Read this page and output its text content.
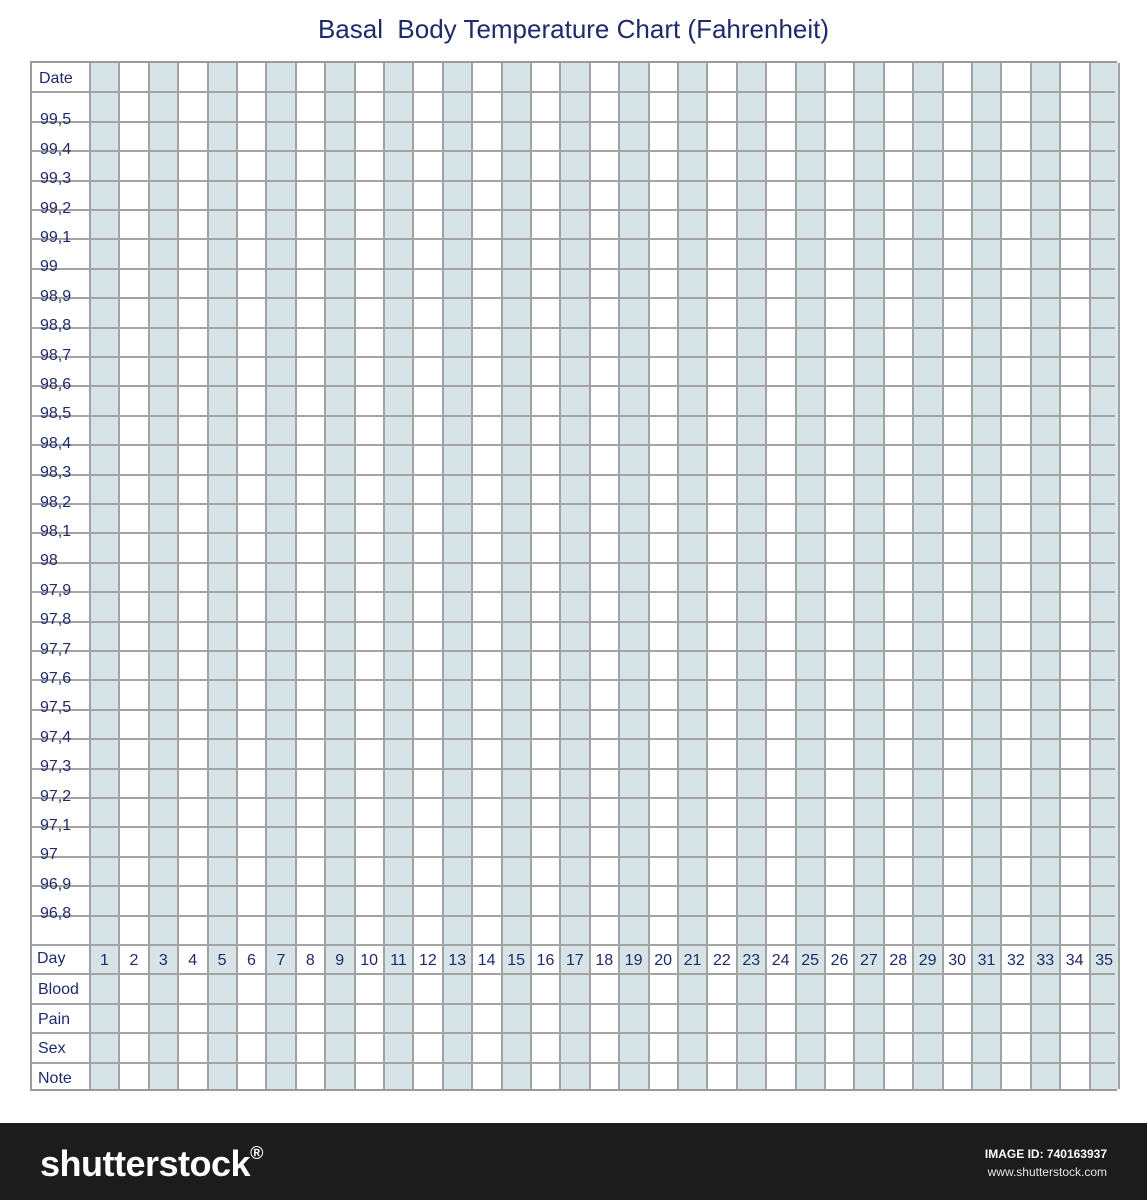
Basal  Body Temperature Chart (Fahrenheit)
Date
99,5
99,4
99,3
99,2
99,1
99
98,9
98,8
98,7
98,6
98,5
98,4
98,3
98,2
98,1
98
97,9
97,8
97,7
97,6
97,5
97,4
97,3
97,2
97,1
97
96,9
96,8
Day	1	2	3	4	5	6	7	8	9	10 11 12 13 14 15 16 17 18 19 20 21 22 23 24 25 26 27 28 29 30 31 32 33 34 35
Blood
Pain
Sex
Note
shutterstock®	IMAGE ID: 740163937
www.shutterstock.com
